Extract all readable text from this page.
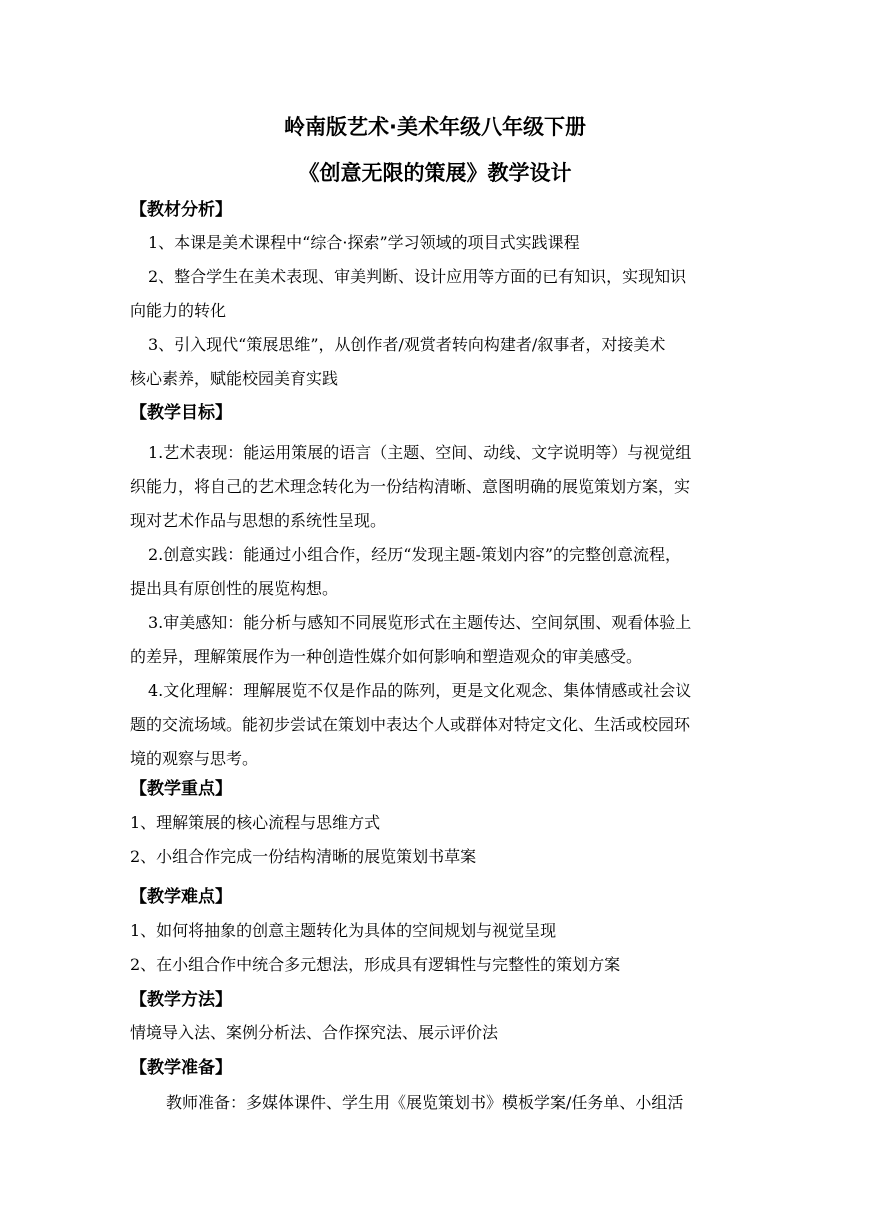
岭南版艺术·美术年级八年级下册
《创意无限的策展》教学设计
【教材分析】
1、本课是美术课程中“综合·探索”学习领域的项目式实践课程
2、整合学生在美术表现、审美判断、设计应用等方面的已有知识，实现知识
向能力的转化
3、引入现代“策展思维”，从创作者/观赏者转向构建者/叙事者，对接美术
核心素养，赋能校园美育实践
【教学目标】
1.艺术表现：能运用策展的语言（主题、空间、动线、文字说明等）与视觉组
织能力，将自己的艺术理念转化为一份结构清晰、意图明确的展览策划方案，实
现对艺术作品与思想的系统性呈现。
2.创意实践：能通过小组合作，经历“发现主题-策划内容”的完整创意流程，
提出具有原创性的展览构想。
3.审美感知：能分析与感知不同展览形式在主题传达、空间氛围、观看体验上
的差异，理解策展作为一种创造性媒介如何影响和塑造观众的审美感受。
4.文化理解：理解展览不仅是作品的陈列，更是文化观念、集体情感或社会议
题的交流场域。能初步尝试在策划中表达个人或群体对特定文化、生活或校园环
境的观察与思考。
【教学重点】
1、理解策展的核心流程与思维方式
2、小组合作完成一份结构清晰的展览策划书草案
【教学难点】
1、如何将抽象的创意主题转化为具体的空间规划与视觉呈现
2、在小组合作中统合多元想法，形成具有逻辑性与完整性的策划方案
【教学方法】
情境导入法、案例分析法、合作探究法、展示评价法
【教学准备】
教师准备：多媒体课件、学生用《展览策划书》模板学案/任务单、小组活
